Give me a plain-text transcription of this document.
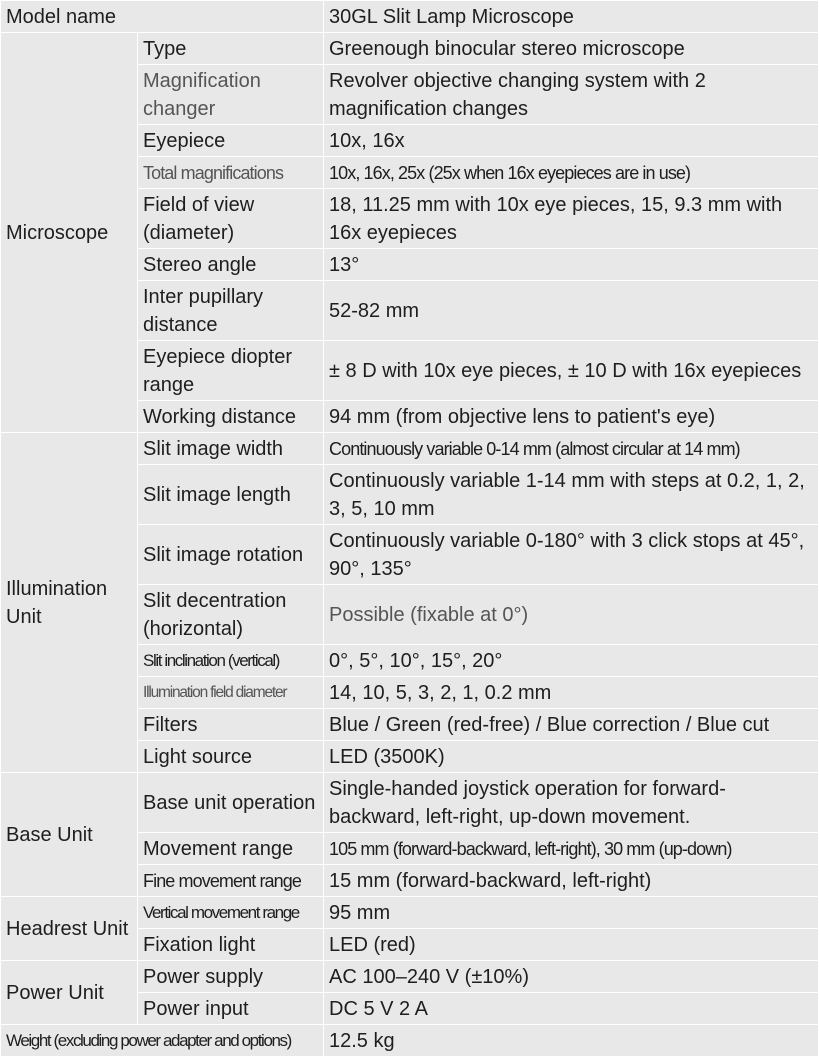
Model name		30GL Slit Lamp Microscope
Microscope	Type	Greenough binocular stereo microscope
	Magnification changer	Revolver objective changing system with 2 magnification changes
	Eyepiece	10x, 16x
	Total magnifications	10x, 16x, 25x (25x when 16x eyepieces are in use)
	Field of view (diameter)	18, 11.25 mm with 10x eye pieces, 15, 9.3 mm with 16x eyepieces
	Stereo angle	13°
	Inter pupillary distance	52-82 mm
	Eyepiece diopter range	± 8 D with 10x eye pieces, ± 10 D with 16x eyepieces
	Working distance	94 mm (from objective lens to patient's eye)
Illumination Unit	Slit image width	Continuously variable 0-14 mm (almost circular at 14 mm)
	Slit image length	Continuously variable 1-14 mm with steps at 0.2, 1, 2, 3, 5, 10 mm
	Slit image rotation	Continuously variable 0-180° with 3 click stops at 45°, 90°, 135°
	Slit decentration (horizontal)	Possible (fixable at 0°)
	Slit inclination (vertical)	0°, 5°, 10°, 15°, 20°
	Illumination field diameter	14, 10, 5, 3, 2, 1, 0.2 mm
	Filters	Blue / Green (red-free) / Blue correction / Blue cut
	Light source	LED (3500K)
Base Unit	Base unit operation	Single-handed joystick operation for forward-backward, left-right, up-down movement.
	Movement range	105 mm (forward-backward, left-right), 30 mm (up-down)
	Fine movement range	15 mm (forward-backward, left-right)
Headrest Unit	Vertical movement range	95 mm
	Fixation light	LED (red)
Power Unit	Power supply	AC 100–240 V (±10%)
	Power input	DC 5 V 2 A
Weight (excluding power adapter and options)		12.5 kg
